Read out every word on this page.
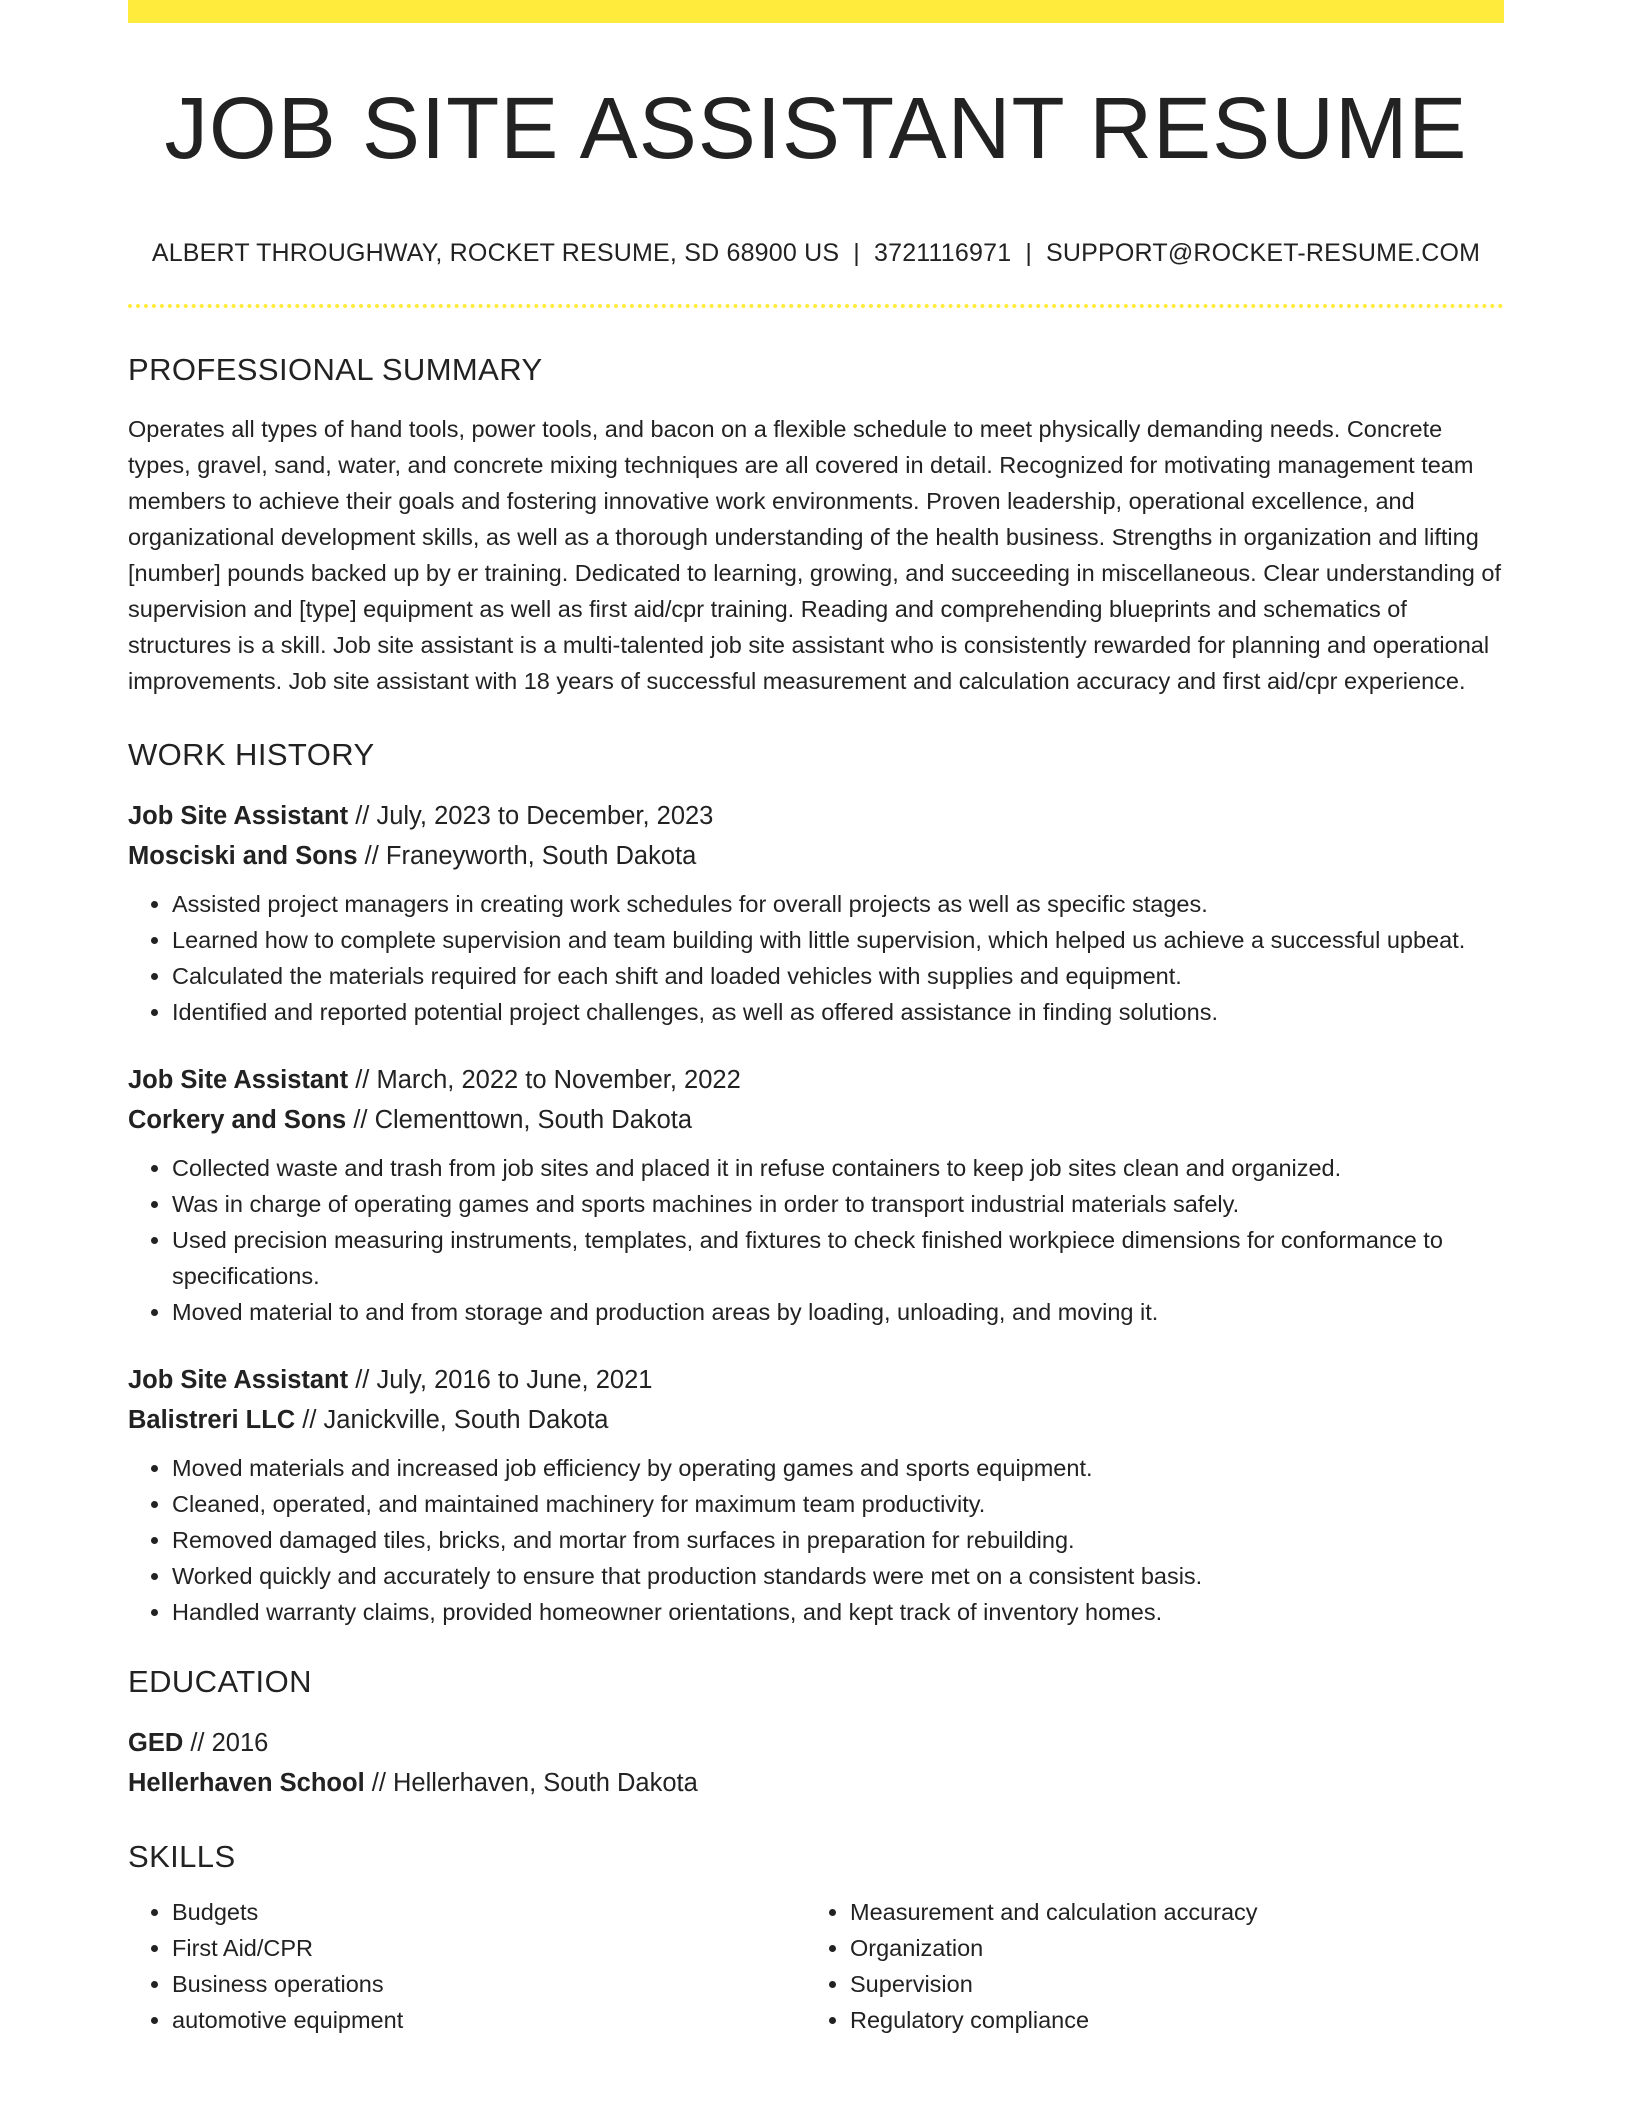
JOB SITE ASSISTANT RESUME
ALBERT THROUGHWAY, ROCKET RESUME, SD 68900 US | 3721116971 | SUPPORT@ROCKET-RESUME.COM
PROFESSIONAL SUMMARY

Operates all types of hand tools, power tools, and bacon on a flexible schedule to meet physically demanding needs. Concrete types, gravel, sand, water, and concrete mixing techniques are all covered in detail. Recognized for motivating management team members to achieve their goals and fostering innovative work environments. Proven leadership, operational excellence, and organizational development skills, as well as a thorough understanding of the health business. Strengths in organization and lifting [number] pounds backed up by er training. Dedicated to learning, growing, and succeeding in miscellaneous. Clear understanding of supervision and [type] equipment as well as first aid/cpr training. Reading and comprehending blueprints and schematics of structures is a skill. Job site assistant is a multi-talented job site assistant who is consistently rewarded for planning and operational improvements. Job site assistant with 18 years of successful measurement and calculation accuracy and first aid/cpr experience.

WORK HISTORY
Job Site Assistant // July, 2023 to December, 2023
Mosciski and Sons // Franeyworth, South Dakota
• Assisted project managers in creating work schedules for overall projects as well as specific stages.
• Learned how to complete supervision and team building with little supervision, which helped us achieve a successful upbeat.
• Calculated the materials required for each shift and loaded vehicles with supplies and equipment.
• Identified and reported potential project challenges, as well as offered assistance in finding solutions.
Job Site Assistant // March, 2022 to November, 2022
Corkery and Sons // Clementtown, South Dakota
• Collected waste and trash from job sites and placed it in refuse containers to keep job sites clean and organized.
• Was in charge of operating games and sports machines in order to transport industrial materials safely.
• Used precision measuring instruments, templates, and fixtures to check finished workpiece dimensions for conformance to specifications.
• Moved material to and from storage and production areas by loading, unloading, and moving it.
Job Site Assistant // July, 2016 to June, 2021
Balistreri LLC // Janickville, South Dakota
• Moved materials and increased job efficiency by operating games and sports equipment.
• Cleaned, operated, and maintained machinery for maximum team productivity.
• Removed damaged tiles, bricks, and mortar from surfaces in preparation for rebuilding.
• Worked quickly and accurately to ensure that production standards were met on a consistent basis.
• Handled warranty claims, provided homeowner orientations, and kept track of inventory homes.
EDUCATION
GED // 2016
Hellerhaven School // Hellerhaven, South Dakota
SKILLS
• Budgets
• First Aid/CPR
• Business operations
• automotive equipment
• Measurement and calculation accuracy
• Organization
• Supervision
• Regulatory compliance
